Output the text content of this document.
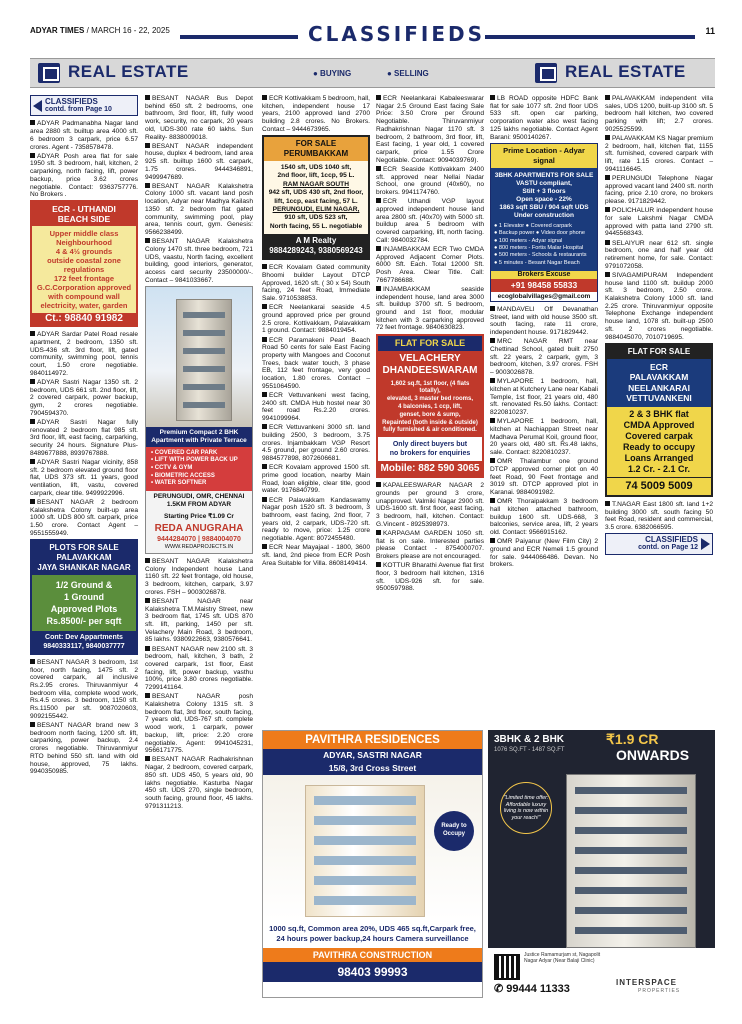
ADYAR TIMES / MARCH 16 - 22, 2025	CLASSIFIEDS	11
REAL ESTATE	● BUYING	● SELLING	REAL ESTATE
CLASSIFIEDS
contd. from Page 10
ADYAR Padmanabha Nagar land area 2880 sft. builtup area 4000 sft. 6 bedroom 3 carpark, price 6.57 crores. Agent - 7358578478.
ADYAR Posh area flat for sale 1950 sft. 3 bedroom, hall, kitchen, 2 carparking, north facing, lift, power backup, price 3.62 crores negotiable. Contact: 9363757776. No Brokers .
ECR - UTHANDI
BEACH SIDE
Upper middle class
Neighbourhood
4 & 4½ grounds
outside coastal zone
regulations
172 feet frontage
G.C.Corporation approved
with compound wall
electricity, water, garden
Ct.: 98840 91982
ADYAR Sardar Patel Road resale apartment, 2 bedroom, 1350 sft. UDS-436 sft. 3rd floor, lift, gated community, swimming pool, tennis court, 1.50 crore negotiable. 9840114972.
ADYAR Sastri Nagar 1350 sft. 2 bedroom, UDS 661 sft. 2nd floor, lift, 2 covered carpark, power backup, gym, 2 crores negotiable. 7904594370.
ADYAR Sastri Nagar fully renovated 2 bedroom flat 985 sft. 3rd floor, lift, east facing, carparking, security 24 hours. Signature Plus- 8489677888, 8939767888.
ADYAR Sastri Nagar vicinity, 858 sft. 2 bedroom elevated ground floor flat, UDS 373 sft. 11 years, good ventilation, lift, vastu, covered carpark, clear title. 9499922996.
BESANT NAGAR 2 bedroom Kalakshetra Colony built-up area 1000 sft. UDS 800 sft. carpark, price 1.50 crore. Contact Agent – 9551555949.
PLOTS FOR SALE
PALAVAKKAM
JAYA SHANKAR NAGAR
1/2 Ground &
1 Ground
Approved Plots
Rs.8500/- per sqft
Cont: Dev Appartments
9840333117, 9840037777
BESANT NAGAR 3 bedroom, 1st floor, north facing, 1475 sft. 2 covered carpark, all inclusive Rs.2.95 crores. Thiruvanmiyur 4 bedroom villa, complete wood work, Rs.4.5 crores. 3 bedroom, 1150 sft. Rs.11500 per sft. 9087020603, 9092155442.
BESANT NAGAR brand new 3 bedroom north facing, 1200 sft. lift, carparking, power backup, 2.4 crores negotiable. Thiruvanmiyur RTO behind 550 sft. land with old house, approved, 75 lakhs. 9940350985.
BESANT NAGAR Bus Depot behind 650 sft. 2 bedrooms, one bathroom, 3rd floor, lift, fully wood work, security, no carpark, 20 years old, UDS-300 rate 60 lakhs. Sun Reality- 8838009018.
BESANT NAGAR independent house, duplex 4 bedroom, land area 925 sft. builtup 1600 sft. carpark, 1.75 crores. 9444346891, 9499947689.
BESANT NAGAR Kalakshetra Colony 1000 sft. vacant land posh location, Adyar near Madhya Kailash 1350 sft. 2 bedroom flat gated community, swimming pool, play area, tennis court, gym. Genesis: 9566238499.
BESANT NAGAR Kalakshetra Colony 1470 sft. three bedroom, 721 UDS, vaastu, North facing, excellent building, good interiors, generator, access card security 23500000/-. Contact – 9841033667.
Premium Compact 2 BHK Apartment with Private Terrace
• COVERED CAR PARK
• LIFT WITH POWER BACK UP
• CCTV & GYM
• BIOMETRIC ACCESS
• WATER SOFTNER
PERUNGUDI, OMR, CHENNAI 1.5KM FROM ADYAR
Starting Price ₹1.09 Cr
REDA ANUGRAHA
9444284070 | 9884004070
WWW.REDAPROJECTS.IN
BESANT NAGAR Kalakshetra Colony Independent house Land 1160 sft. 22 feet frontage, old house, 3 bedroom, kitchen, carpark, 3.97 crores. FSH – 9003026878.
BESANT NAGAR near Kalakshetra T.M.Maistry Street, new 3 bedroom flat, 1745 sft. UDS 870 sft. lift, parking, 1450 per sft. Velachery Main Road, 3 bedroom, 85 lakhs. 9380922663, 9380576641.
BESANT NAGAR new 2100 sft. 3 bedroom, hall, kitchen, 3 bath, 2 covered carpark, 1st floor, East facing, lift, power backup, vasthu 100%, price 3.80 crores negotiable. 7299141164.
BESANT NAGAR posh Kalakshetra Colony 1315 sft. 3 bedroom flat, 3rd floor, south facing, 7 years old, UDS-767 sft. complete wood work, 1 carpark, power backup, lift, price: 2.20 crore negotiable. Agent: 9941045231, 9566171775.
BESANT NAGAR Radhakrishnan Nagar, 2 bedroom, covered carpark, 850 sft. UDS 450, 5 years old, 90 lakhs negotiable. Kasturba Nagar 450 sft. UDS 270, single bedroom, south facing, ground floor, 45 lakhs. 9791311213.
ECR Kottivakkam 5 bedroom, hall, kitchen, independent house 17 years, 2100 approved land 2700 building 2.8 crores. No Brokers. Contact – 9444673965.
FOR SALE
PERUMBAKKAM
1540 sft, UDS 1040 sft,
2nd floor, lift, 1ccp, 95 L.
RAM NAGAR SOUTH
942 sft, UDS 430 sft, 2nd floor,
lift, 1ccp, east facing, 57 L.
PERUNGUDI, ELIM NAGAR,
910 sft, UDS 523 sft,
North facing, 55 L. negotiable
A M Realty
9884289243, 9380569243
ECR Kovalam Gated community Bhoomi builder Layout DTCP Approved, 1620 sft. ( 30 x 54) South facing, 24 feet Road, Immediate Sale. 9710538853.
ECR Neelankarai seaside 4.5 ground approved price per ground 2.5 crore. Kottivakkam, Palavakkam 1 ground. Contact: 9884019454.
ECR Paramakeni Pearl Beach Road 50 cents for sale East Facing property with Mangoes and Coconut Trees, back water touch, 3 phase EB, 112 feet frontage, very good location, 1.80 crores. Contact – 9551064590.
ECR Vettuvankeni west facing, 2400 sft. CMDA Hub hostel near 30 feet road Rs.2.20 crores. 9941099964.
ECR Vettuvankeni 3000 sft. land building 2500, 3 bedroom, 3.75 crores. Injambakkam VGP Resort 4.5 ground, per ground 2.60 crores. 9884577898, 8072606681.
ECR Kovalam approved 1500 sft. prime good location, nearby Main Road, loan eligible, clear title, good water. 9176840799.
ECR Palavakkam Kandaswamy Nagar posh 1520 sft. 3 bedroom, 3 bathroom, east facing, 2nd floor, 7 years old, 2 carpark, UDS-720 sft. ready to move, price: 1.25 crore negotiable. Agent: 8072455480.
ECR Near Mayajaal - 1800, 3600 sft. land, 2nd piece from ECR Posh Area Suitable for Villa. 8608149414.
ECR Neelankarai Kabaleeswarar Nagar 2.5 Ground East facing Sale Price: 3.50 Crore per Ground Negotiable. Thiruvanmiyur Radhakrishnan Nagar 1170 sft. 3 bedroom, 2 bathroom, 3rd floor, lift, East facing, 1 year old, 1 covered carpark, price 1.55 Crore Negotiable. Contact: 9094039769).
ECR Seaside Kottivakkam 2400 sft. approved near Nellai Nadar School, one ground (40x60), no brokers. 9941174760.
ECR Uthandi VGP layout approved independent house land area 2800 sft. (40x70) with 5000 sft. buildup area 5 bedroom with covered carparking, lift, north facing. Call: 9840032784.
INJAMBAKKAM ECR Two CMDA Approved Adjacent Corner Plots. 6000 Sft. Each. Total 12000 Sft. Posh Area. Clear Title. Call: 7667786688.
INJAMBAKKAM seaside independent house, land area 3000 sft. buildup 3700 sft. 5 bedroom, ground and 1st floor, modular kitchen with 3 carparking approved 72 feet frontage. 9840630823.
FLAT FOR SALE
VELACHERY
DHANDEESWARAM
1,602 sq.ft, 1st floor, (4 flats totally),
elevated, 3 master bed rooms,
4 balconies, 1 ccp, lift,
genset, bore & sump,
Repainted (both inside & outside)
fully furnished & air conditioned.
Only direct buyers but
no brokers for enquiries
Mobile: 882 590 3065
KAPALEESWARAR NAGAR 2 grounds per ground 3 crore, unapproved. Valmiki Nagar 2900 sft. UDS-1600 sft. first floor, east facing, 3 bedroom, hall, kitchen. Contact: G.Vincent - 8925398973.
KARPAGAM GARDEN 1050 sft. flat is on sale. Interested parties please Contact - 8754000707. Brokers please are not encouraged.
KOTTUR Bharathi Avenue flat first floor, 3 bedroom hall kitchen, 1316 sft. UDS-926 sft. for sale. 9500597988.
LB ROAD opposite HDFC Bank flat for sale 1077 sft. 2nd floor UDS 533 sft. open car parking, corporation water also west facing 125 lakhs negotiable. Contact Agent Barani: 9500140267.
Prime Location - Adyar signal
3BHK APARTMENTS FOR SALE
VASTU compliant,
Stilt + 3 floors
Open space - 22%
1863 sqft SBU / 904 sqft UDS
Under construction
● 1 Elevator ● Covered carpark
● Backup power ● Video door phone
● 100 meters - Adyar signal
● 800 meters - Fortis Malar Hospital
● 500 meters - Schools & restaurants
● 5 minutes - Besant Nagar Beach
Brokers Excuse
+91 98458 55833
ecoglobalvillages@gmail.com
MANDAVELI Off Devanathan Street, land with old house 3500 sft. south facing, rate 11 crore, independent house. 9171829442.
MRC NAGAR RMT near Chettinad School, gated built 2750 sft. 22 years, 2 carpark, gym, 3 bedroom, kitchen, 3.97 crores. FSH – 9003026878.
MYLAPORE 1 bedroom, hall, kitchen at Kutchery Lane near Kabali Temple, 1st floor, 21 years old, 480 sft. renovated Rs.50 lakhs. Contact: 8220810237.
MYLAPORE 1 bedroom, hall, kitchen at Nachiappan Street near Madhava Perumal Koil, ground floor, 20 years old, 480 sft. Rs.48 lakhs, sale. Contact: 8220810237.
OMR Thalambur one ground DTCP approved corner plot on 40 feet Road, 90 Feet frontage and 3019 sft. DTCP approved plot in Karanai. 9884091982.
OMR Thoraipakkam 3 bedroom hall kitchen attached bathroom, buildup 1600 sft. UDS-668, 3 balconies, service area, lift, 2 years old. Contact: 9566915162.
OMR Paiyanur (New Film City) 2 ground and ECR Nemeli 1.5 ground for sale. 9444066486. Devan. No brokers.
PALAVAKKAM independent villa sales, UDS 1200, built-up 3100 sft. 5 bedroom hall kitchen, two covered parking with lift; 2.7 crores. 9025525599.
PALAVAKKAM KS Nagar premium 2 bedroom, hall, kitchen flat, 1155 sft. furnished, covered carpark with lift, rate 1.15 crores. Contact – 9941116645.
PERUNGUDI Telephone Nagar approved vacant land 2400 sft. north facing, price 2.10 crore, no brokers please. 9171829442.
POLICHALUR independent house for sale Lakshmi Nagar CMDA approved with patta land 2790 sft. 9445568343.
SELAIYUR near 612 sft. single bedroom, one and half year old retirement home, for sale. Contact: 9791072058.
SIVAGAMIPURAM Independent house land 1100 sft. buildup 2000 sft. 3 bedroom, 2.50 crore. Kalakshetra Colony 1000 sft. land 2.25 crore. Thiruvanmiyur opposite Telephone Exchange independent house land, 1078 sft. built-up 2500 sft. 2 crores negotiable. 9884045070, 7010719695.
FLAT FOR SALE
ECR
PALAVAKKAM
NEELANKARAI
VETTUVANKENI
2 & 3 BHK flat
CMDA Approved
Covered carpak
Ready to occupy
Loans Arranged
1.2 Cr. - 2.1 Cr.
74 5009 5009
T.NAGAR East 1800 sft. land 1+2 building 3000 sft. south facing 50 feet Road, resident and commercial, 3.5 crore. 6382066595.
CLASSIFIEDS
contd. on Page 12
PAVITHRA RESIDENCES
ADYAR, SASTRI NAGAR
15/8, 3rd Cross Street
Ready to Occupy
1000 sq.ft, Common area 20%, UDS 465 sq.ft,Carpark free, 24 hours power backup,24 hours Camera surveillance
PAVITHRA CONSTRUCTION
98403 99993
3BHK & 2 BHK
1076 SQ.FT - 1487 SQ.FT
₹1.9 CR
ONWARDS
"Limited time offer: Affordable luxury living is now within your reach!"
Justice Ramamurjam st, Nagapolit Nagar Adyar (Near Balaji Clinic)
✆ 99444 11333
INTERSPACE
PROPERTIES
